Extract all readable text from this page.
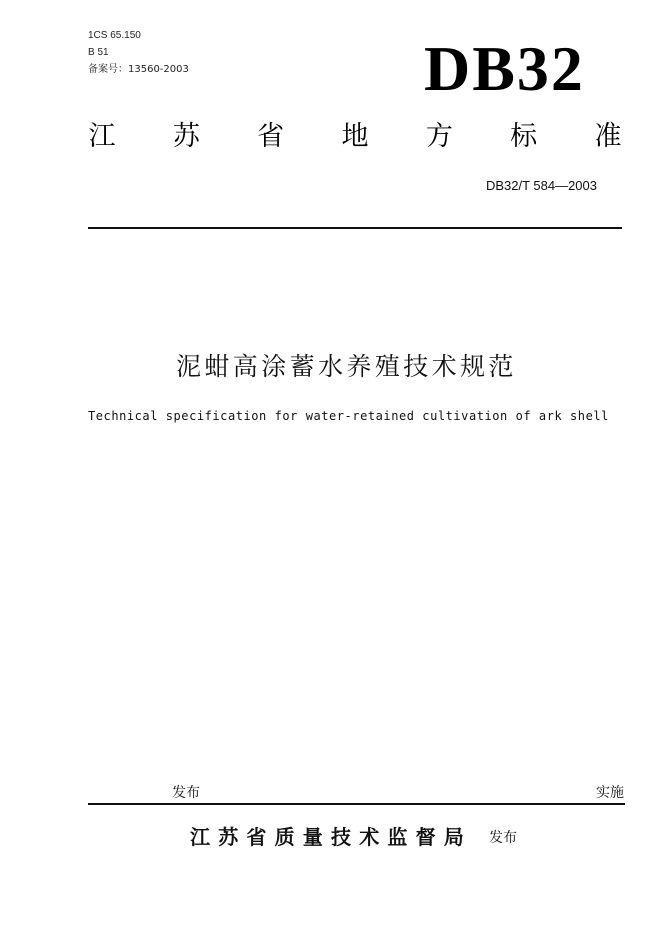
1CS 65.150
B 51
备案号：13560-2003	DB32
江 苏 省 地 方 标 准
DB32/T 584—2003
泥蚶高涂蓄水养殖技术规范
Technical specification for water-retained cultivation of ark shell
发布	实施
江苏省质量技术监督局 发布
